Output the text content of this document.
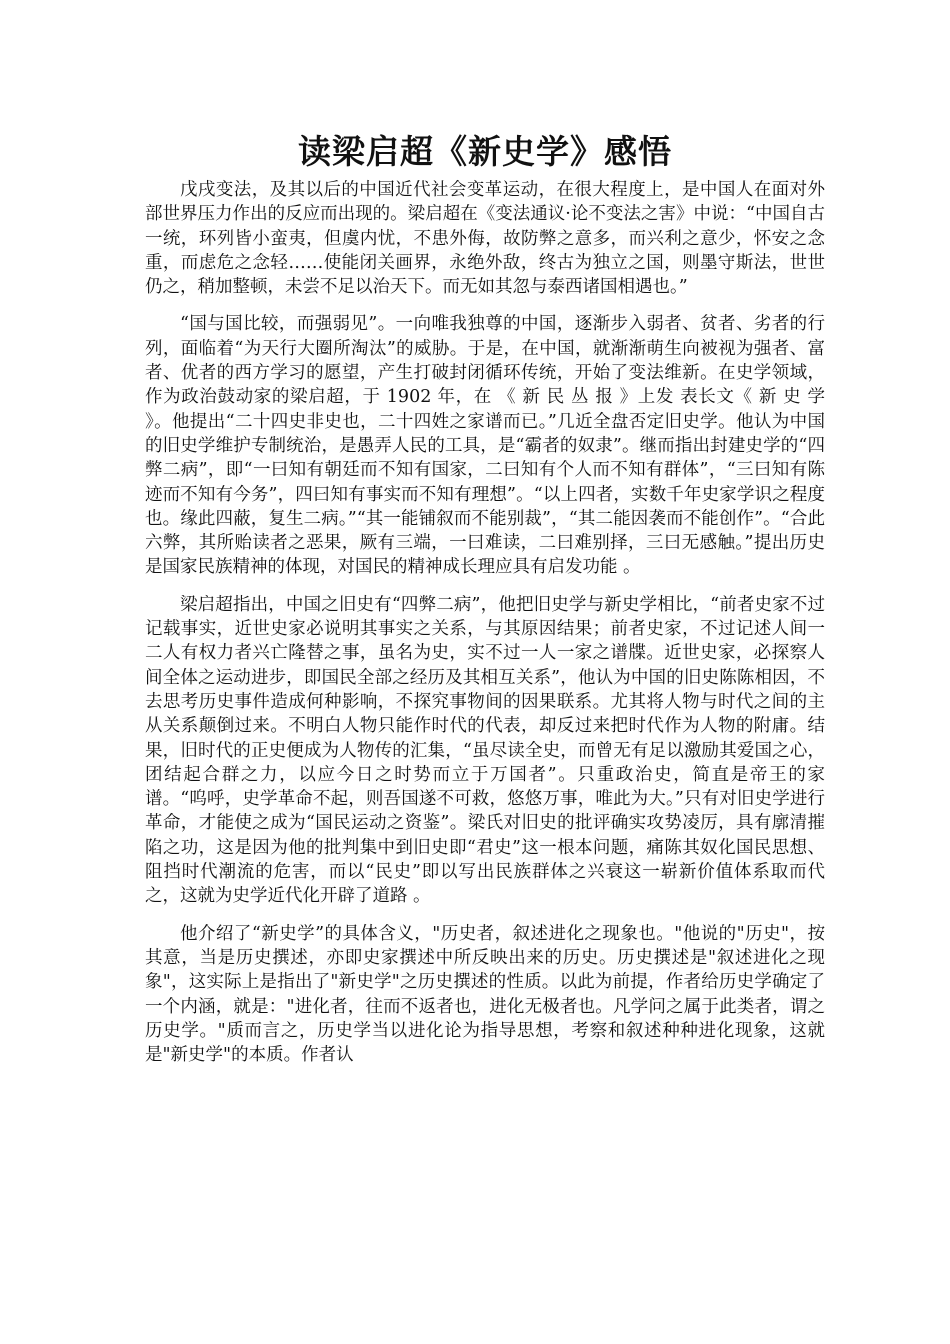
读梁启超《新史学》感悟

戊戌变法，及其以后的中国近代社会变革运动，在很大程度上，是中国人在面对外部世界压力作出的反应而出现的。梁启超在《变法通议·论不变法之害》中说：“中国自古一统，环列皆小蛮夷，但虞内忧，不患外侮，故防弊之意多，而兴利之意少，怀安之念重，而虑危之念轻……使能闭关画界，永绝外敌，终古为独立之国，则墨守斯法，世世仍之，稍加整顿，未尝不足以治天下。而无如其忽与泰西诸国相遇也。”

“国与国比较，而强弱见”。一向唯我独尊的中国，逐渐步入弱者、贫者、劣者的行列，面临着“为天行大圈所淘汰”的威胁。于是，在中国，就渐渐萌生向被视为强者、富者、优者的西方学习的愿望，产生打破封闭循环传统，开始了变法维新。在史学领域，作为政治鼓动家的梁启超，于 1902 年，在 《 新 民 丛 报 》上发 表长文《 新 史 学 》。他提出“二十四史非史也，二十四姓之家谱而已。”几近全盘否定旧史学。他认为中国的旧史学维护专制统治，是愚弄人民的工具，是“霸者的奴隶”。继而指出封建史学的“四弊二病”，即“一曰知有朝廷而不知有国家，二曰知有个人而不知有群体”，“三曰知有陈迹而不知有今务”，四曰知有事实而不知有理想”。“以上四者，实数千年史家学识之程度也。缘此四蔽，复生二病。”“其一能铺叙而不能别裁”，“其二能因袭而不能创作”。“合此六弊，其所贻读者之恶果，厥有三端，一曰难读，二曰难别择，三曰无感触。”提出历史是国家民族精神的体现，对国民的精神成长理应具有启发功能 。

梁启超指出，中国之旧史有“四弊二病”，他把旧史学与新史学相比，“前者史家不过记载事实，近世史家必说明其事实之关系，与其原因结果；前者史家，不过记述人间一二人有权力者兴亡隆替之事，虽名为史，实不过一人一家之谱牒。近世史家，必探察人间全体之运动进步，即国民全部之经历及其相互关系”，他认为中国的旧史陈陈相因，不去思考历史事件造成何种影响，不探究事物间的因果联系。尤其将人物与时代之间的主从关系颠倒过来。不明白人物只能作时代的代表，却反过来把时代作为人物的附庸。结果，旧时代的正史便成为人物传的汇集，“虽尽读全史，而曾无有足以激励其爱国之心，团结起合群之力，以应今日之时势而立于万国者”。只重政治史，简直是帝王的家谱。“呜呼，史学革命不起，则吾国遂不可救，悠悠万事，唯此为大。”只有对旧史学进行革命，才能使之成为“国民运动之资鉴”。梁氏对旧史的批评确实攻势凌厉，具有廓清摧陷之功，这是因为他的批判集中到旧史即“君史”这一根本问题，痛陈其奴化国民思想、阻挡时代潮流的危害，而以“民史”即以写出民族群体之兴衰这一崭新价值体系取而代之，这就为史学近代化开辟了道路 。

他介绍了“新史学”的具体含义，"历史者，叙述进化之现象也。"他说的"历史"，按其意，当是历史撰述，亦即史家撰述中所反映出来的历史。历史撰述是"叙述进化之现象"，这实际上是指出了"新史学"之历史撰述的性质。以此为前提，作者给历史学确定了一个内涵，就是："进化者，往而不返者也，进化无极者也。凡学问之属于此类者，谓之历史学。"质而言之，历史学当以进化论为指导思想，考察和叙述种种进化现象，这就是"新史学"的本质。作者认
